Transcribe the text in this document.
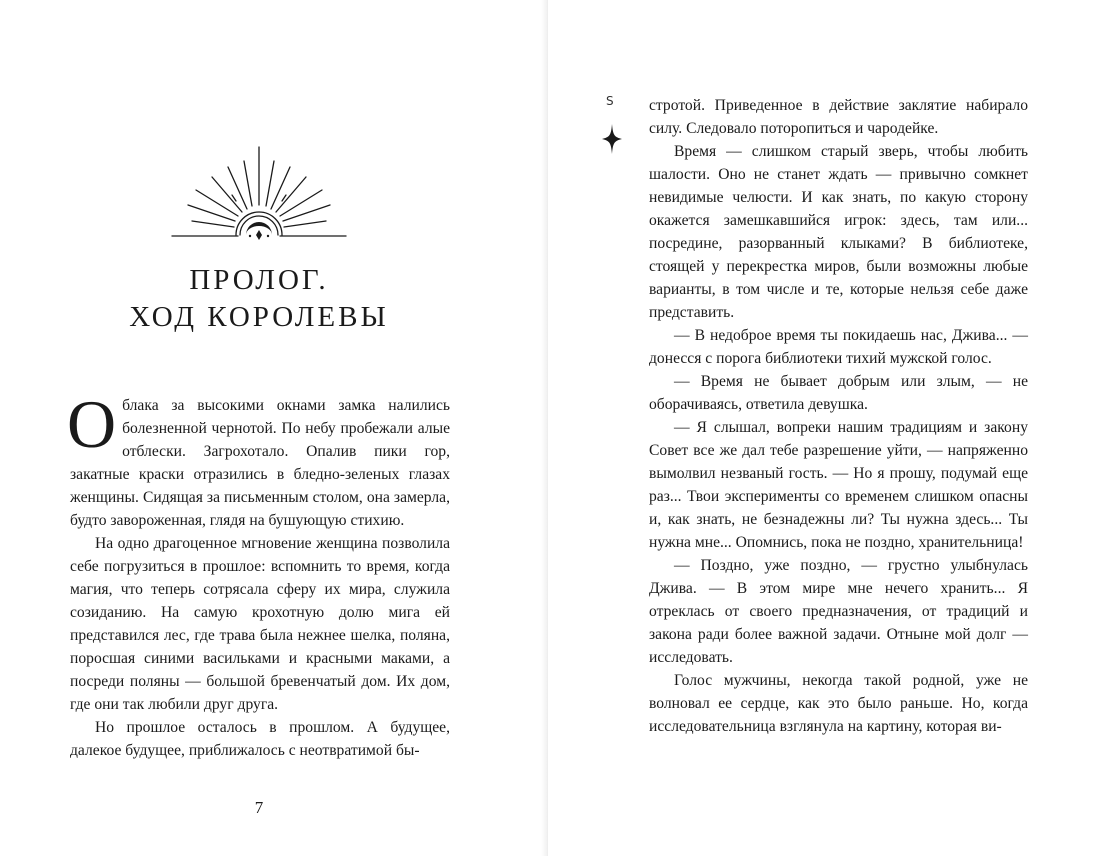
ПРОЛОГ.
ХОД КОРОЛЕВЫ

Облака за высокими окнами замка налились болезненной чернотой. По небу пробежали алые отблески. Загрохотало. Опалив пики гор, закатные краски отразились в бледно-зеленых глазах женщины. Сидящая за письменным столом, она замерла, будто завороженная, глядя на бушующую стихию.

На одно драгоценное мгновение женщина позволила себе погрузиться в прошлое: вспомнить то время, когда магия, что теперь сотрясала сферу их мира, служила созиданию. На самую крохотную долю мига ей представился лес, где трава была нежнее шелка, поляна, поросшая синими васильками и красными маками, а посреди поляны — большой бревенчатый дом. Их дом, где они так любили друг друга.

Но прошлое осталось в прошлом. А будущее, далекое будущее, приближалось с неотвратимой бы-

7
S стротой. Приведенное в действие заклятие набирало силу. Следовало поторопиться и чародейке.

Время — слишком старый зверь, чтобы любить шалости. Оно не станет ждать — привычно сомкнет невидимые челюсти. И как знать, по какую сторону окажется замешкавшийся игрок: здесь, там или... посредине, разорванный клыками? В библиотеке, стоящей у перекрестка миров, были возможны любые варианты, в том числе и те, которые нельзя себе даже представить.

— В недоброе время ты покидаешь нас, Джива... — донесся с порога библиотеки тихий мужской голос.

— Время не бывает добрым или злым, — не оборачиваясь, ответила девушка.

— Я слышал, вопреки нашим традициям и закону Совет все же дал тебе разрешение уйти, — напряженно вымолвил незваный гость. — Но я прошу, подумай еще раз... Твои эксперименты со временем слишком опасны и, как знать, не безнадежны ли? Ты нужна здесь... Ты нужна мне... Опомнись, пока не поздно, хранительница!

— Поздно, уже поздно, — грустно улыбнулась Джива. — В этом мире мне нечего хранить... Я отреклась от своего предназначения, от традиций и закона ради более важной задачи. Отныне мой долг — исследовать.

Голос мужчины, некогда такой родной, уже не волновал ее сердце, как это было раньше. Но, когда исследовательница взглянула на картину, которая ви-
